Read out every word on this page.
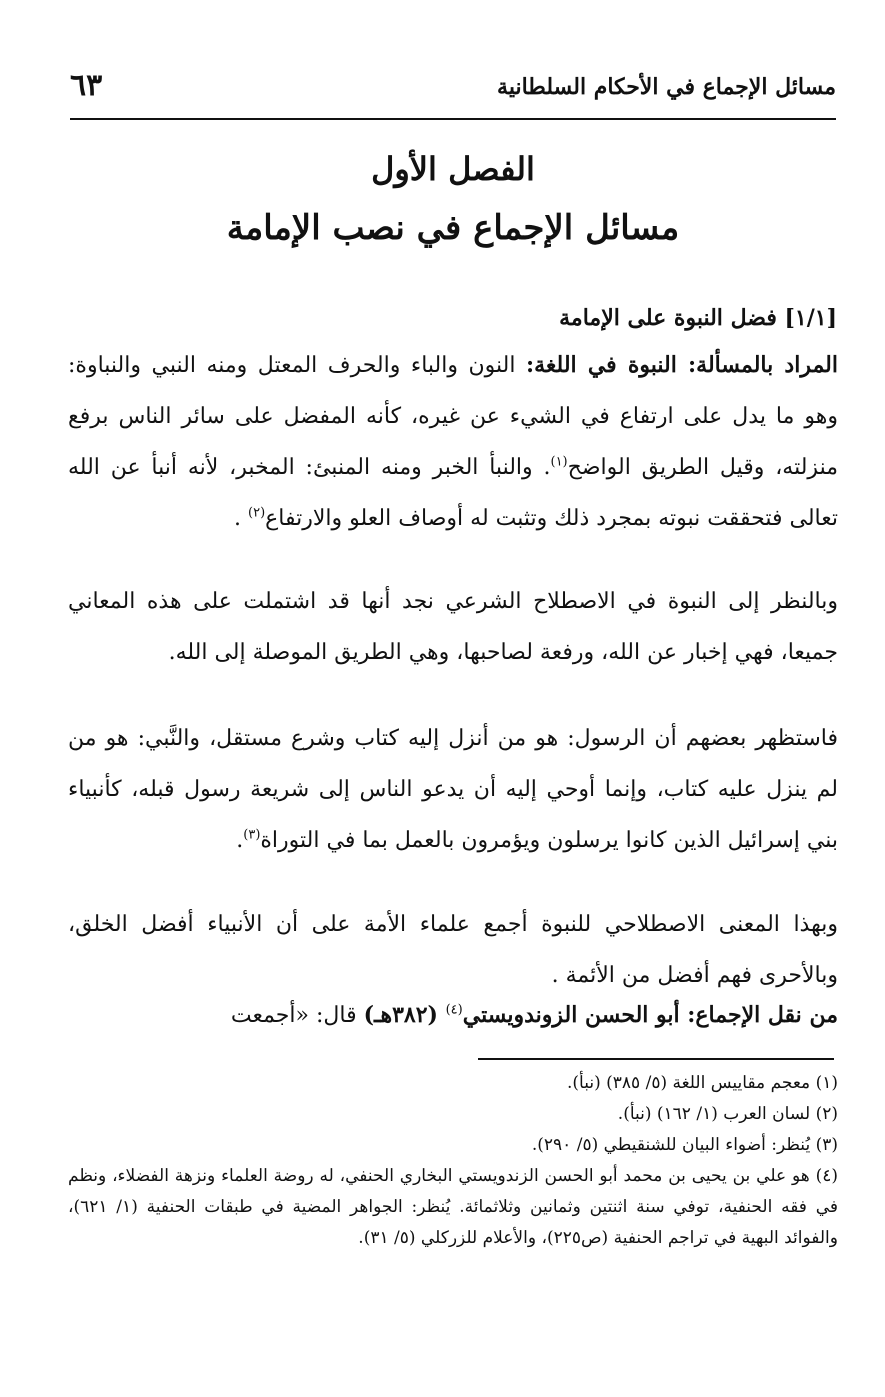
مسائل الإجماع في الأحكام السلطانية
٦٣
الفصل الأول
مسائل الإجماع في نصب الإمامة
[١/١] فضل النبوة على الإمامة

المراد بالمسألة: النبوة في اللغة: النون والباء والحرف المعتل ومنه النبي والنباوة: وهو ما يدل على ارتفاع في الشيء عن غيره، كأنه المفضل على سائر الناس برفع منزلته، وقيل الطريق الواضح$^{(١)}$. والنبأ الخبر ومنه المنبئ: المخبر، لأنه أنبأ عن الله تعالى فتحققت نبوته بمجرد ذلك وتثبت له أوصاف العلو والارتفاع$^{(٢)}$ .

وبالنظر إلى النبوة في الاصطلاح الشرعي نجد أنها قد اشتملت على هذه المعاني جميعا، فهي إخبار عن الله، ورفعة لصاحبها، وهي الطريق الموصلة إلى الله.

فاستظهر بعضهم أن الرسول: هو من أنزل إليه كتاب وشرع مستقل، والنَّبي: هو من لم ينزل عليه كتاب، وإنما أوحي إليه أن يدعو الناس إلى شريعة رسول قبله، كأنبياء بني إسرائيل الذين كانوا يرسلون ويؤمرون بالعمل بما في التوراة$^{(٣)}$.

وبهذا المعنى الاصطلاحي للنبوة أجمع علماء الأمة على أن الأنبياء أفضل الخلق، وبالأحرى فهم أفضل من الأئمة .

من نقل الإجماع: أبو الحسن الزوندويستي$^{(٤)}$ (٣٨٢هـ) قال: «أجمعت

(١) معجم مقاييس اللغة (٥/ ٣٨٥) (نبأ).
(٢) لسان العرب (١/ ١٦٢) (نبأ).
(٣) يُنظر: أضواء البيان للشنقيطي (٥/ ٢٩٠).
(٤) هو علي بن يحيى بن محمد أبو الحسن الزندويستي البخاري الحنفي، له روضة العلماء ونزهة الفضلاء، ونظم في فقه الحنفية، توفي سنة اثنتين وثمانين وثلاثمائة. يُنظر: الجواهر المضية في طبقات الحنفية (١/ ٦٢١)، والفوائد البهية في تراجم الحنفية (ص٢٢٥)، والأعلام للزركلي (٥/ ٣١).
